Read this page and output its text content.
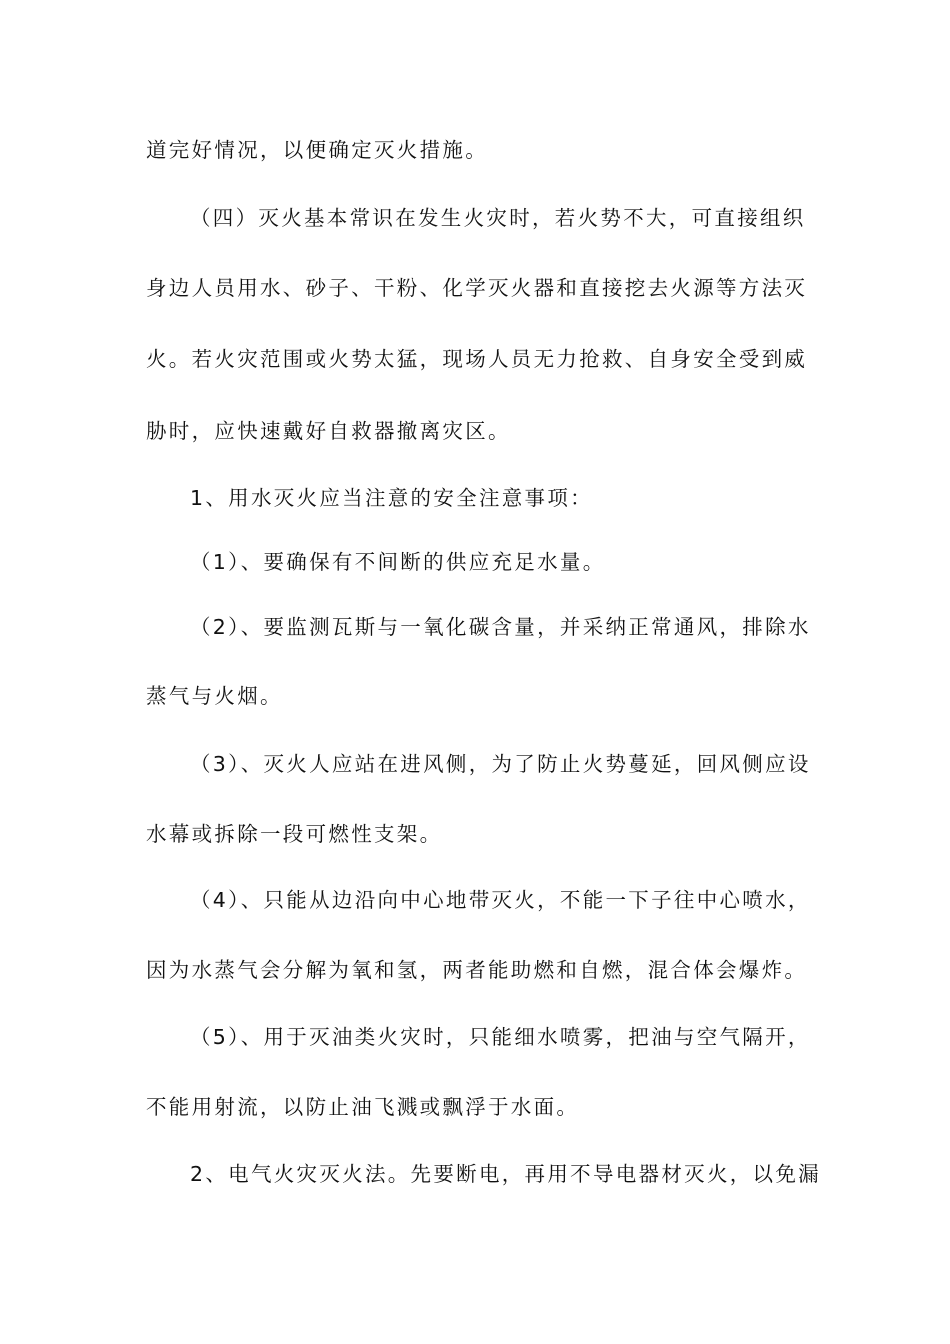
道完好情况，以便确定灭火措施。
（四）灭火基本常识在发生火灾时，若火势不大，可直接组织
身边人员用水、砂子、干粉、化学灭火器和直接挖去火源等方法灭
火。若火灾范围或火势太猛，现场人员无力抢救、自身安全受到威
胁时，应快速戴好自救器撤离灾区。
1、用水灭火应当注意的安全注意事项：
（1）、要确保有不间断的供应充足水量。
（2）、要监测瓦斯与一氧化碳含量，并采纳正常通风，排除水
蒸气与火烟。
（3）、灭火人应站在进风侧，为了防止火势蔓延，回风侧应设
水幕或拆除一段可燃性支架。
（4）、只能从边沿向中心地带灭火，不能一下子往中心喷水，
因为水蒸气会分解为氧和氢，两者能助燃和自燃，混合体会爆炸。
（5）、用于灭油类火灾时，只能细水喷雾，把油与空气隔开，
不能用射流，以防止油飞溅或飘浮于水面。
2、电气火灾灭火法。先要断电，再用不导电器材灭火，以免漏
